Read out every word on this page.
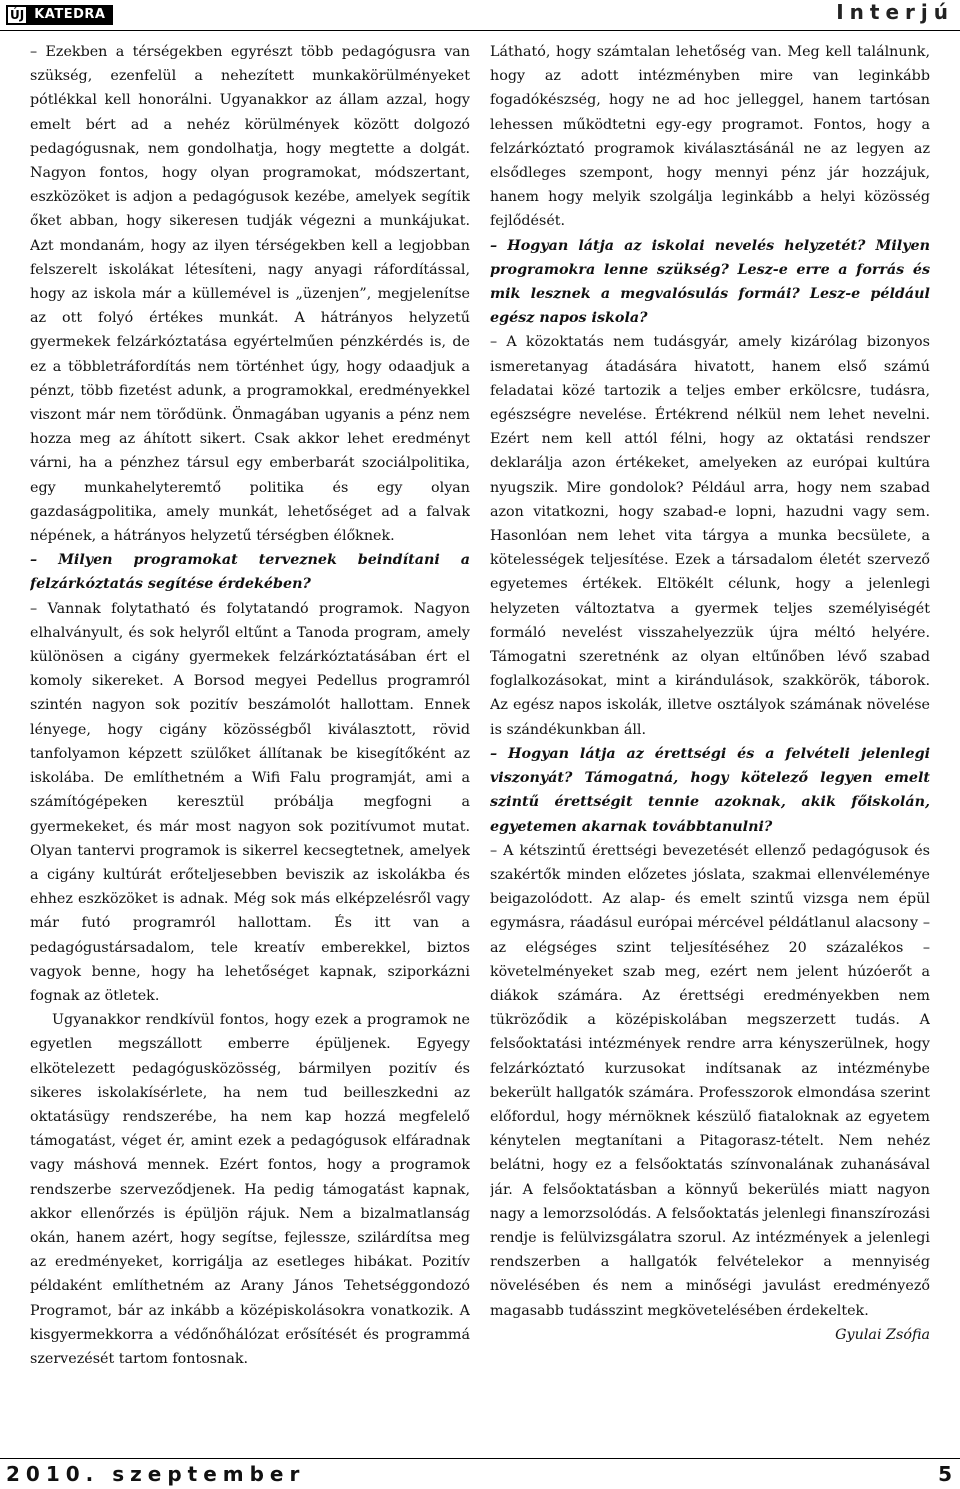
ÚJ KATEDRA	Interjú

– Ezekben a térségekben egyrészt több pedagógusra van szükség, ezenfelül a nehezített munkakörülményeket pótlékkal kell honorálni. Ugyanakkor az állam azzal, hogy emelt bért ad a nehéz körülmények között dolgozó pedagógusnak, nem gondolhatja, hogy megtette a dolgát. Nagyon fontos, hogy olyan programokat, módszertant, eszközöket is adjon a pedagógusok kezébe, amelyek segítik őket abban, hogy sikeresen tudják végezni a munkájukat. Azt mondanám, hogy az ilyen térségekben kell a legjobban felszerelt iskolákat létesíteni, nagy anyagi ráfordítással, hogy az iskola már a küllemével is „üzenjen”, megjelenítse az ott folyó értékes munkát. A hátrányos helyzetű gyermekek felzárkóztatása egyértelműen pénzkérdés is, de ez a többletráfordítás nem történhet úgy, hogy odaadjuk a pénzt, több fizetést adunk, a programokkal, eredményekkel viszont már nem törődünk. Önmagában ugyanis a pénz nem hozza meg az áhított sikert. Csak akkor lehet eredményt várni, ha a pénzhez társul egy emberbarát szociálpolitika, egy munkahelyteremtő politika és egy olyan gazdaságpolitika, amely munkát, lehetőséget ad a falvak népének, a hátrányos helyzetű térségben élőknek.

– Milyen programokat terveznek beindítani a felzárkóztatás segítése érdekében?

– Vannak folytatható és folytatandó programok. Nagyon elhalványult, és sok helyről eltűnt a Tanoda program, amely különösen a cigány gyermekek felzárkóztatásában ért el komoly sikereket. A Borsod megyei Pedellus programról szintén nagyon sok pozitív beszámolót hallottam. Ennek lényege, hogy cigány közösségből kiválasztott, rövid tanfolyamon képzett szülőket állítanak be kisegítőként az iskolába. De említhetném a Wifi Falu programját, ami a számítógépeken keresztül próbálja megfogni a gyermekeket, és már most nagyon sok pozitívumot mutat. Olyan tantervi programok is sikerrel kecsegtetnek, amelyek a cigány kultúrát erőteljesebben beviszik az iskolákba és ehhez eszközöket is adnak. Még sok más elképzelésről vagy már futó programról hallottam. És itt van a pedagógustársadalom, tele kreatív emberekkel, biztos vagyok benne, hogy ha lehetőséget kapnak, sziporkázni fognak az ötletek.

Ugyanakkor rendkívül fontos, hogy ezek a programok ne egyetlen megszállott emberre épüljenek. Egyegy elkötelezett pedagógusközösség, bármilyen pozitív és sikeres iskolakísérlete, ha nem tud beilleszkedni az oktatásügy rendszerébe, ha nem kap hozzá megfelelő támogatást, véget ér, amint ezek a pedagógusok elfáradnak vagy máshová mennek. Ezért fontos, hogy a programok rendszerbe szerveződjenek. Ha pedig támogatást kapnak, akkor ellenőrzés is épüljön rájuk. Nem a bizalmatlanság okán, hanem azért, hogy segítse, fejlessze, szilárdítsa meg az eredményeket, korrigálja az esetleges hibákat. Pozitív példaként említhetném az Arany János Tehetséggondozó Programot, bár az inkább a középiskolásokra vonatkozik. A kisgyermekkorra a védőnőhálózat erősítését és programmá szervezését tartom fontosnak.

Látható, hogy számtalan lehetőség van. Meg kell találnunk, hogy az adott intézményben mire van leginkább fogadókészség, hogy ne ad hoc jelleggel, hanem tartósan lehessen működtetni egy-egy programot. Fontos, hogy a felzárkóztató programok kiválasztásánál ne az legyen az elsődleges szempont, hogy mennyi pénz jár hozzájuk, hanem hogy melyik szolgálja leginkább a helyi közösség fejlődését.

– Hogyan látja az iskolai nevelés helyzetét? Milyen programokra lenne szükség? Lesz-e erre a forrás és mik lesznek a megvalósulás formái? Lesz-e például egész napos iskola?

– A közoktatás nem tudásgyár, amely kizárólag bizonyos ismeretanyag átadására hivatott, hanem első számú feladatai közé tartozik a teljes ember erkölcsre, tudásra, egészségre nevelése. Értékrend nélkül nem lehet nevelni. Ezért nem kell attól félni, hogy az oktatási rendszer deklarálja azon értékeket, amelyeken az európai kultúra nyugszik. Mire gondolok? Például arra, hogy nem szabad azon vitatkozni, hogy szabad-e lopni, hazudni vagy sem. Hasonlóan nem lehet vita tárgya a munka becsülete, a kötelességek teljesítése. Ezek a társadalom életét szervező egyetemes értékek. Eltökélt célunk, hogy a jelenlegi helyzeten változtatva a gyermek teljes személyiségét formáló nevelést visszahelyezzük újra méltó helyére. Támogatni szeretnénk az olyan eltűnőben lévő szabad foglalkozásokat, mint a kirándulások, szakkörök, táborok. Az egész napos iskolák, illetve osztályok számának növelése is szándékunkban áll.

– Hogyan látja az érettségi és a felvételi jelenlegi viszonyát? Támogatná, hogy kötelező legyen emelt szintű érettségit tennie azoknak, akik főiskolán, egyetemen akarnak továbbtanulni?

– A kétszintű érettségi bevezetését ellenző pedagógusok és szakértők minden előzetes jóslata, szakmai ellenvéleménye beigazolódott. Az alap- és emelt szintű vizsga nem épül egymásra, ráadásul európai mércével példátlanul alacsony – az elégséges szint teljesítéséhez 20 százalékos – követelményeket szab meg, ezért nem jelent húzóerőt a diákok számára. Az érettségi eredményekben nem tükröződik a középiskolában megszerzett tudás. A felsőoktatási intézmények rendre arra kényszerülnek, hogy felzárkóztató kurzusokat indítsanak az intézménybe bekerült hallgatók számára. Professzorok elmondása szerint előfordul, hogy mérnöknek készülő fiataloknak az egyetem kénytelen megtanítani a Pitagorasz-tételt. Nem nehéz belátni, hogy ez a felsőoktatás színvonalának zuhanásával jár. A felsőoktatásban a könnyű bekerülés miatt nagyon nagy a lemorzsolódás. A felsőoktatás jelenlegi finanszírozási rendje is felülvizsgálatra szorul. Az intézmények a jelenlegi rendszerben a hallgatók felvételekor a mennyiség növelésében és nem a minőségi javulást eredményező magasabb tudásszint megkövetelésében érdekeltek.

Gyulai Zsófia

2010. szeptember	5
